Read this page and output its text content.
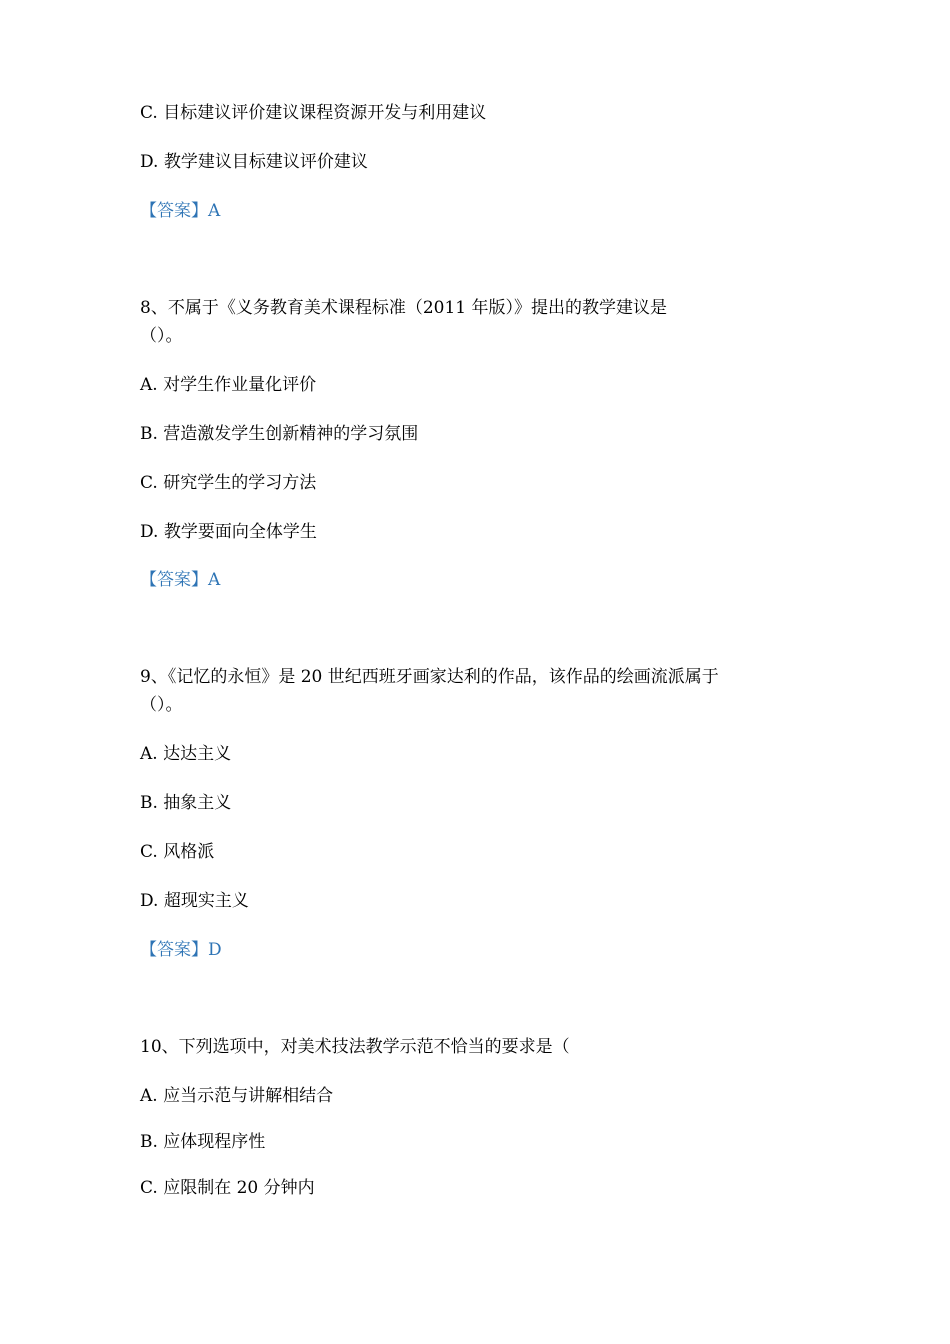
C. 目标建议评价建议课程资源开发与利用建议
D. 教学建议目标建议评价建议
【答案】A
8、不属于《义务教育美术课程标准（2011 年版）》提出的教学建议是
（）。
A. 对学生作业量化评价
B. 营造激发学生创新精神的学习氛围
C. 研究学生的学习方法
D. 教学要面向全体学生
【答案】A
9、《记忆的永恒》是 20 世纪西班牙画家达利的作品，该作品的绘画流派属于
（）。
A. 达达主义
B. 抽象主义
C. 风格派
D. 超现实主义
【答案】D
10、下列选项中，对美术技法教学示范不恰当的要求是（
A. 应当示范与讲解相结合
B. 应体现程序性
C. 应限制在 20 分钟内
